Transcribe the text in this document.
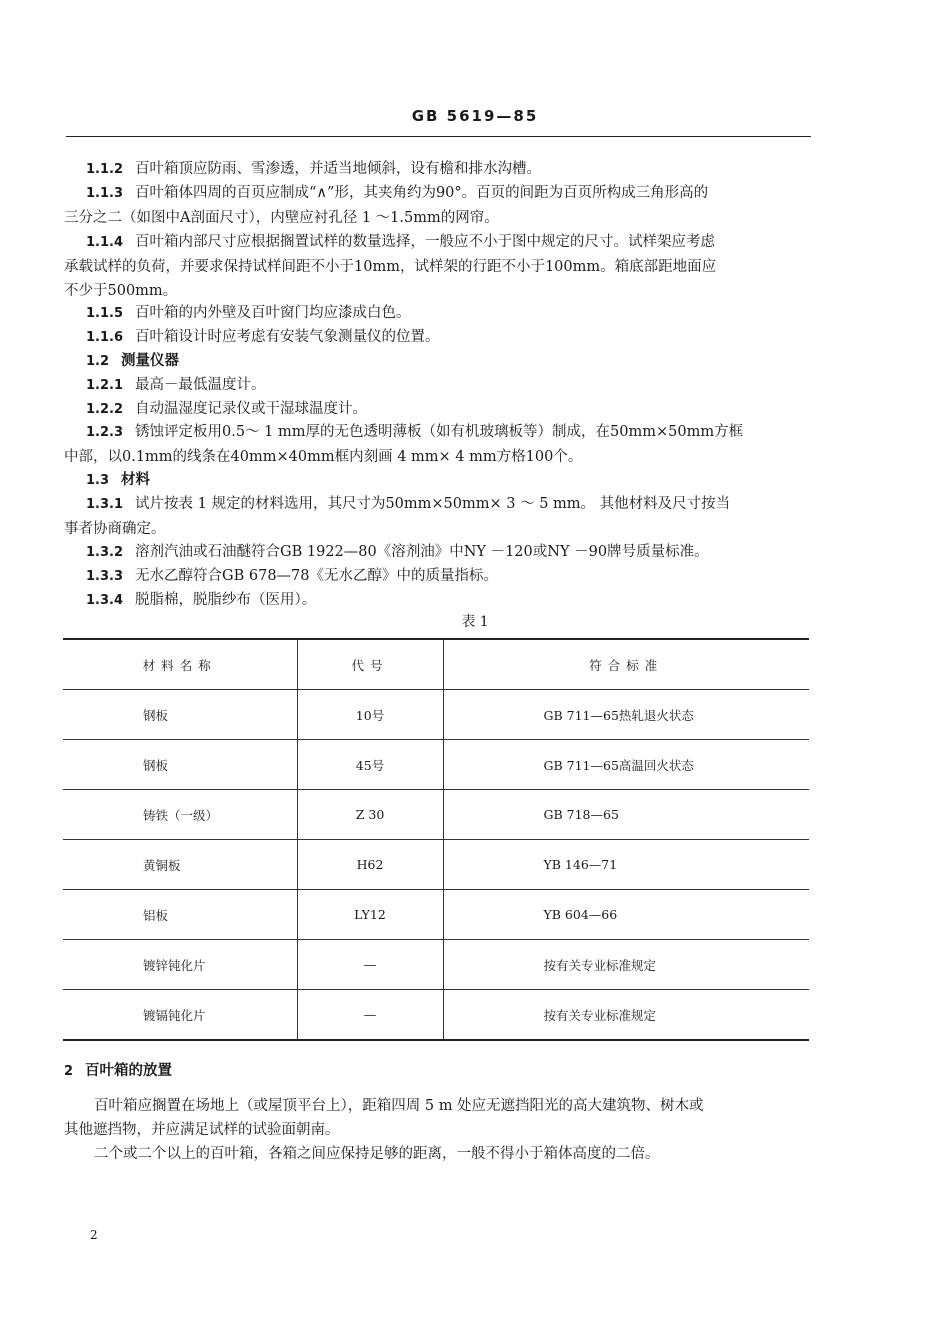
GB 5619—85
1.1.2 百叶箱顶应防雨、雪渗透，并适当地倾斜，设有檐和排水沟槽。
1.1.3 百叶箱体四周的百页应制成“∧”形，其夹角约为90°。百页的间距为百页所构成三角形高的
三分之二（如图中A剖面尺寸），内壁应衬孔径 1 ～1.5mm的网帘。
1.1.4 百叶箱内部尺寸应根据搁置试样的数量选择，一般应不小于图中规定的尺寸。试样架应考虑
承载试样的负荷，并要求保持试样间距不小于10mm，试样架的行距不小于100mm。箱底部距地面应
不少于500mm。
1.1.5 百叶箱的内外壁及百叶窗门均应漆成白色。
1.1.6 百叶箱设计时应考虑有安装气象测量仪的位置。
1.2 测量仪器
1.2.1 最高－最低温度计。
1.2.2 自动温湿度记录仪或干湿球温度计。
1.2.3 锈蚀评定板用0.5～ 1 mm厚的无色透明薄板（如有机玻璃板等）制成，在50mm×50mm方框
中部，以0.1mm的线条在40mm×40mm框内刻画 4 mm× 4 mm方格100个。
1.3 材料
1.3.1 试片按表 1 规定的材料选用，其尺寸为50mm×50mm× 3 ～ 5 mm。 其他材料及尺寸按当
事者协商确定。
1.3.2 溶剂汽油或石油醚符合GB 1922—80《溶剂油》中NY －120或NY －90牌号质量标准。
1.3.3 无水乙醇符合GB 678—78《无水乙醇》中的质量指标。
1.3.4 脱脂棉，脱脂纱布（医用）。
表 1
材料名称	代号	符合标准
钢板	10号	GB 711—65热轧退火状态
钢板	45号	GB 711—65高温回火状态
铸铁（一级）	Z 30	GB 718—65
黄铜板	H62	YB 146—71
铝板	LY12	YB 604—66
镀锌钝化片	—	按有关专业标准规定
镀镉钝化片	—	按有关专业标准规定
2 百叶箱的放置
百叶箱应搁置在场地上（或屋顶平台上），距箱四周 5 m 处应无遮挡阳光的高大建筑物、树木或
其他遮挡物，并应满足试样的试验面朝南。
二个或二个以上的百叶箱，各箱之间应保持足够的距离，一般不得小于箱体高度的二倍。
2
